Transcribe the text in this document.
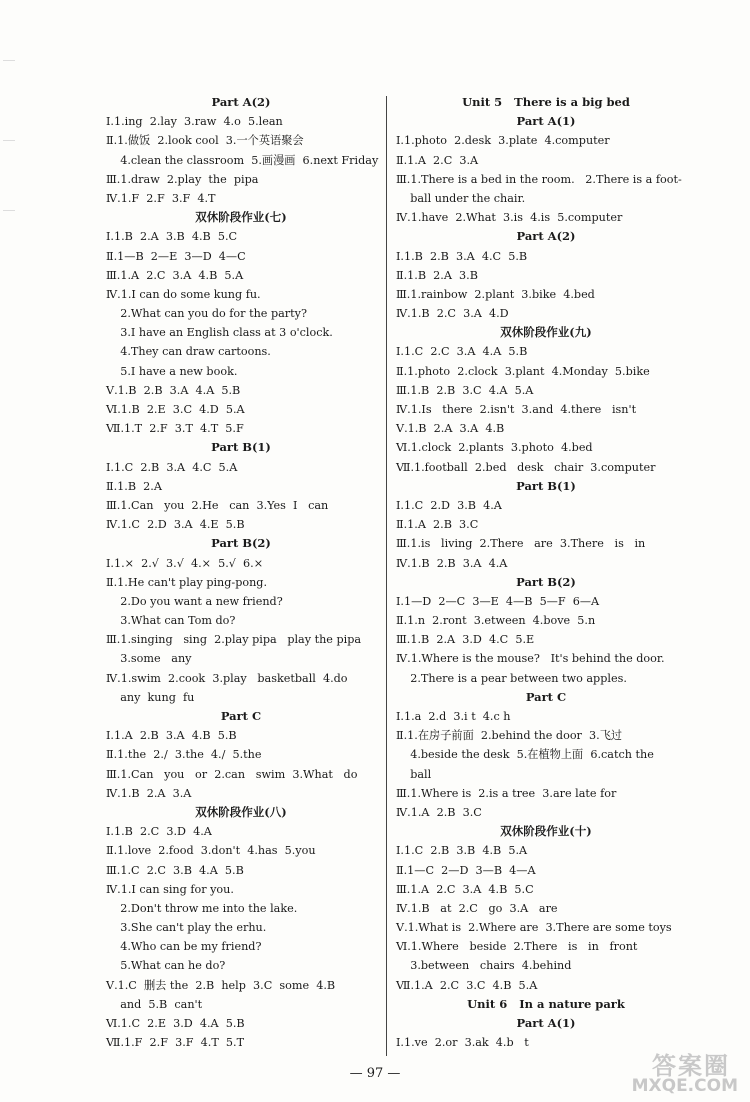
Part A(2)
Ⅰ.1.ing  2.lay  3.raw  4.o  5.lean
Ⅱ.1.做饭  2.look cool  3.一个英语聚会
4.clean the classroom  5.画漫画  6.next Friday
Ⅲ.1.draw  2.play  the  pipa
Ⅳ.1.F  2.F  3.F  4.T
双休阶段作业(七)
Ⅰ.1.B  2.A  3.B  4.B  5.C
Ⅱ.1—B  2—E  3—D  4—C
Ⅲ.1.A  2.C  3.A  4.B  5.A
Ⅳ.1.I can do some kung fu.
2.What can you do for the party?
3.I have an English class at 3 o'clock.
4.They can draw cartoons.
5.I have a new book.
Ⅴ.1.B  2.B  3.A  4.A  5.B
Ⅵ.1.B  2.E  3.C  4.D  5.A
Ⅶ.1.T  2.F  3.T  4.T  5.F
Part B(1)
Ⅰ.1.C  2.B  3.A  4.C  5.A
Ⅱ.1.B  2.A
Ⅲ.1.Can   you  2.He   can  3.Yes  I   can
Ⅳ.1.C  2.D  3.A  4.E  5.B
Part B(2)
Ⅰ.1.×  2.√  3.√  4.×  5.√  6.×
Ⅱ.1.He can't play ping-pong.
2.Do you want a new friend?
3.What can Tom do?
Ⅲ.1.singing   sing  2.play pipa   play the pipa
3.some   any
Ⅳ.1.swim  2.cook  3.play   basketball  4.do
any  kung  fu
Part C
Ⅰ.1.A  2.B  3.A  4.B  5.B
Ⅱ.1.the  2./  3.the  4./  5.the
Ⅲ.1.Can   you   or  2.can   swim  3.What   do
Ⅳ.1.B  2.A  3.A
双休阶段作业(八)
Ⅰ.1.B  2.C  3.D  4.A
Ⅱ.1.love  2.food  3.don't  4.has  5.you
Ⅲ.1.C  2.C  3.B  4.A  5.B
Ⅳ.1.I can sing for you.
2.Don't throw me into the lake.
3.She can't play the erhu.
4.Who can be my friend?
5.What can he do?
Ⅴ.1.C  删去 the  2.B  help  3.C  some  4.B
and  5.B  can't
Ⅵ.1.C  2.E  3.D  4.A  5.B
Ⅶ.1.F  2.F  3.F  4.T  5.T
Unit 5   There is a big bed
Part A(1)
Ⅰ.1.photo  2.desk  3.plate  4.computer
Ⅱ.1.A  2.C  3.A
Ⅲ.1.There is a bed in the room.   2.There is a foot-
ball under the chair.
Ⅳ.1.have  2.What  3.is  4.is  5.computer
Part A(2)
Ⅰ.1.B  2.B  3.A  4.C  5.B
Ⅱ.1.B  2.A  3.B
Ⅲ.1.rainbow  2.plant  3.bike  4.bed
Ⅳ.1.B  2.C  3.A  4.D
双休阶段作业(九)
Ⅰ.1.C  2.C  3.A  4.A  5.B
Ⅱ.1.photo  2.clock  3.plant  4.Monday  5.bike
Ⅲ.1.B  2.B  3.C  4.A  5.A
Ⅳ.1.Is   there  2.isn't  3.and  4.there   isn't
Ⅴ.1.B  2.A  3.A  4.B
Ⅵ.1.clock  2.plants  3.photo  4.bed
Ⅶ.1.football  2.bed   desk   chair  3.computer
Part B(1)
Ⅰ.1.C  2.D  3.B  4.A
Ⅱ.1.A  2.B  3.C
Ⅲ.1.is   living  2.There   are  3.There   is   in
Ⅳ.1.B  2.B  3.A  4.A
Part B(2)
Ⅰ.1—D  2—C  3—E  4—B  5—F  6—A
Ⅱ.1.n  2.ront  3.etween  4.bove  5.n
Ⅲ.1.B  2.A  3.D  4.C  5.E
Ⅳ.1.Where is the mouse?   It's behind the door.
2.There is a pear between two apples.
Part C
Ⅰ.1.a  2.d  3.i t  4.c h
Ⅱ.1.在房子前面  2.behind the door  3.飞过
4.beside the desk  5.在植物上面  6.catch the
ball
Ⅲ.1.Where is  2.is a tree  3.are late for
Ⅳ.1.A  2.B  3.C
双休阶段作业(十)
Ⅰ.1.C  2.B  3.B  4.B  5.A
Ⅱ.1—C  2—D  3—B  4—A
Ⅲ.1.A  2.C  3.A  4.B  5.C
Ⅳ.1.B   at  2.C   go  3.A   are
Ⅴ.1.What is  2.Where are  3.There are some toys
Ⅵ.1.Where   beside  2.There   is   in   front
3.between   chairs  4.behind
Ⅶ.1.A  2.C  3.C  4.B  5.A
Unit 6   In a nature park
Part A(1)
Ⅰ.1.ve  2.or  3.ak  4.b   t
— 97 —	答案圈
MXQE.COM
